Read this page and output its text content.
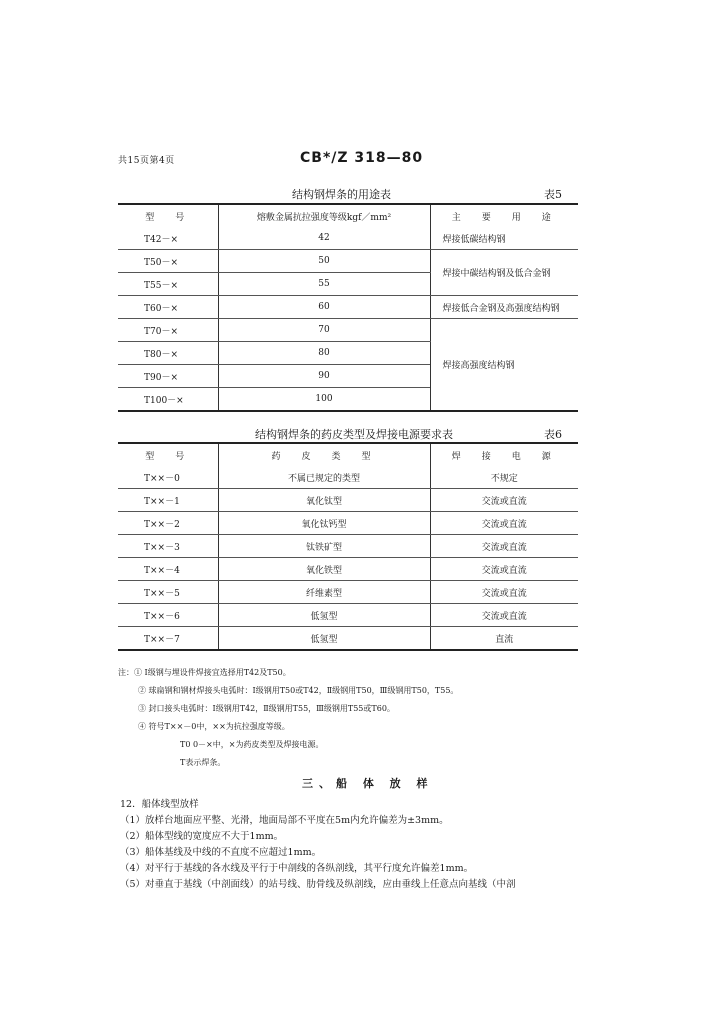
共15页第4页	CB*/Z 318—80
结构钢焊条的用途表	表5
型　号	熔敷金属抗拉强度等级kgf／mm²	主　要　用　途
T42－×	42	焊接低碳结构钢
T50－×	50	焊接中碳结构钢及低合金钢
T55－×	55	
T60－×	60	焊接低合金钢及高强度结构钢
T70－×	70	焊接高强度结构钢
T80－×	80	
T90－×	90	
T100－×	100	
结构钢焊条的药皮类型及焊接电源要求表	表6
型　号	药　皮　类　型	焊　接　电　源
T××－0	不属已规定的类型	不规定
T××－1	氧化钛型	交流或直流
T××－2	氧化钛钙型	交流或直流
T××－3	钛铁矿型	交流或直流
T××－4	氧化铁型	交流或直流
T××－5	纤维素型	交流或直流
T××－6	低氢型	交流或直流
T××－7	低氢型	直流
注：① Ⅰ级钢与埋设件焊接宜选择用T42及T50。
② 球扁钢和钢材焊接头电弧时：Ⅰ级钢用T50或T42，Ⅱ级钢用T50，Ⅲ级钢用T50，T55。
③ 封口接头电弧时：Ⅰ级钢用T42，Ⅱ级钢用T55，Ⅲ级钢用T55或T60。
④ 符号T××－0中，××为抗拉强度等级。
T0 0－×中，×为药皮类型及焊接电源。
T表示焊条。
三、船 体 放 样
12．船体线型放样
（1）放样台地面应平整、光滑，地面局部不平度在5m内允许偏差为±3mm。
（2）船体型线的宽度应不大于1mm。
（3）船体基线及中线的不直度不应超过1mm。
（4）对平行于基线的各水线及平行于中剖线的各纵剖线，其平行度允许偏差1mm。
（5）对垂直于基线（中剖面线）的站号线、肋骨线及纵剖线，应由垂线上任意点向基线（中剖
